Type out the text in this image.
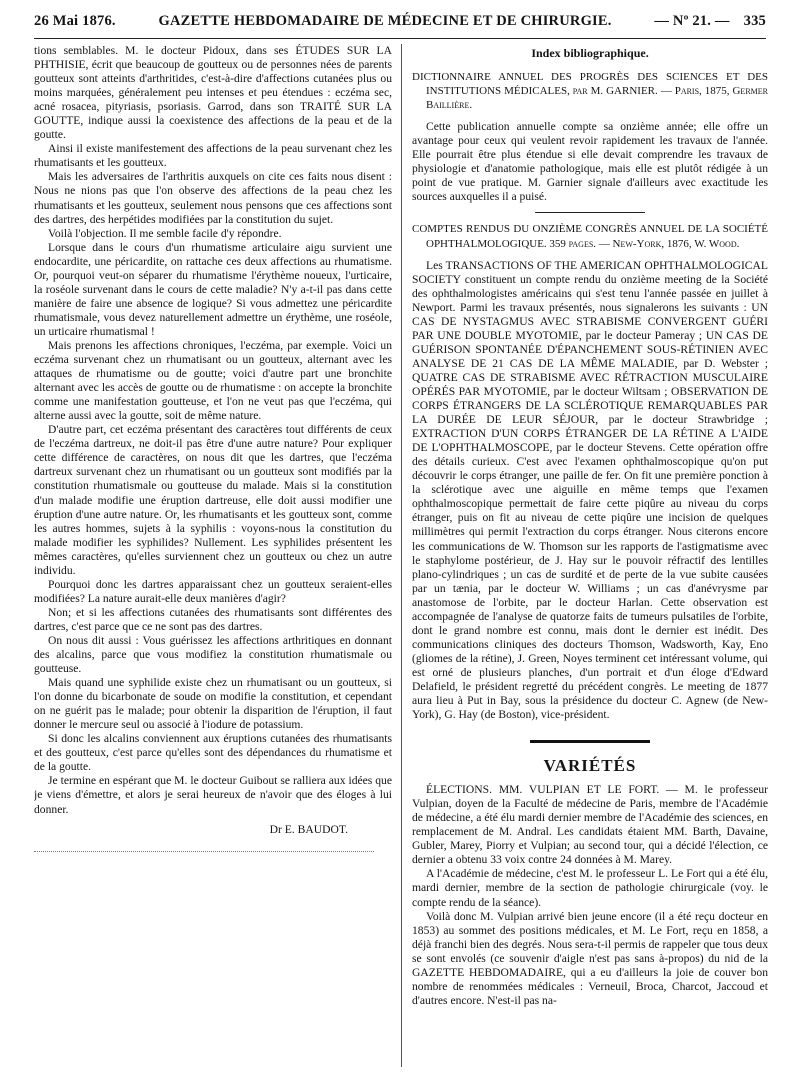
26 Mai 1876.	GAZETTE HEBDOMADAIRE DE MÉDECINE ET DE CHIRURGIE.	— Nº 21. — 335

tions semblables. M. le docteur Pidoux, dans ses ÉTUDES SUR LA PHTHISIE, écrit que beaucoup de goutteux ou de personnes nées de parents goutteux sont atteints d'arthritides, c'est-à-dire d'affections cutanées plus ou moins marquées, généralement peu intenses et peu étendues : eczéma sec, acné rosacea, pityriasis, psoriasis. Garrod, dans son TRAITÉ SUR LA GOUTTE, indique aussi la coexistence des affections de la peau et de la goutte.

Ainsi il existe manifestement des affections de la peau survenant chez les rhumatisants et les goutteux.

Mais les adversaires de l'arthritis auxquels on cite ces faits nous disent : Nous ne nions pas que l'on observe des affections de la peau chez les rhumatisants et les goutteux, seulement nous pensons que ces affections sont des dartres, des herpétides modifiées par la constitution du sujet.

Voilà l'objection. Il me semble facile d'y répondre.

Lorsque dans le cours d'un rhumatisme articulaire aigu survient une endocardite, une péricardite, on rattache ces deux affections au rhumatisme. Or, pourquoi veut-on séparer du rhumatisme l'érythème noueux, l'urticaire, la roséole survenant dans le cours de cette maladie? N'y a-t-il pas dans cette manière de faire une absence de logique? Si vous admettez une péricardite rhumatismale, vous devez naturellement admettre un érythème, une roséole, un urticaire rhumatismal !

Mais prenons les affections chroniques, l'eczéma, par exemple. Voici un eczéma survenant chez un rhumatisant ou un goutteux, alternant avec les attaques de rhumatisme ou de goutte; voici d'autre part une bronchite alternant avec les accès de goutte ou de rhumatisme : on accepte la bronchite comme une manifestation goutteuse, et l'on ne veut pas que l'eczéma, qui alterne aussi avec la goutte, soit de même nature.

D'autre part, cet eczéma présentant des caractères tout différents de ceux de l'eczéma dartreux, ne doit-il pas être d'une autre nature? Pour expliquer cette différence de caractères, on nous dit que les dartres, que l'eczéma dartreux survenant chez un rhumatisant ou un goutteux sont modifiés par la constitution rhumatismale ou goutteuse du malade. Mais si la constitution d'un malade modifie une éruption dartreuse, elle doit aussi modifier une éruption d'une autre nature. Or, les rhumatisants et les goutteux sont, comme les autres hommes, sujets à la syphilis : voyons-nous la constitution du malade modifier les syphilides? Nullement. Les syphilides présentent les mêmes caractères, qu'elles surviennent chez un goutteux ou chez un autre individu.

Pourquoi donc les dartres apparaissant chez un goutteux seraient-elles modifiées? La nature aurait-elle deux manières d'agir?

Non; et si les affections cutanées des rhumatisants sont différentes des dartres, c'est parce que ce ne sont pas des dartres.

On nous dit aussi : Vous guérissez les affections arthritiques en donnant des alcalins, parce que vous modifiez la constitution rhumatismale ou goutteuse.

Mais quand une syphilide existe chez un rhumatisant ou un goutteux, si l'on donne du bicarbonate de soude on modifie la constitution, et cependant on ne guérit pas le malade; pour obtenir la disparition de l'éruption, il faut donner le mercure seul ou associé à l'iodure de potassium.

Si donc les alcalins conviennent aux éruptions cutanées des rhumatisants et des goutteux, c'est parce qu'elles sont des dépendances du rhumatisme et de la goutte.

Je termine en espérant que M. le docteur Guibout se ralliera aux idées que je viens d'émettre, et alors je serai heureux de n'avoir que des éloges à lui donner.

Dr E. BAUDOT.
Index bibliographique.

DICTIONNAIRE ANNUEL DES PROGRÈS DES SCIENCES ET DES INSTITUTIONS MÉDICALES, par M. GARNIER. — Paris, 1875, Germer Baillière.

Cette publication annuelle compte sa onzième année; elle offre un avantage pour ceux qui veulent revoir rapidement les travaux de l'année. Elle pourrait être plus étendue si elle devait comprendre les travaux de physiologie et d'anatomie pathologique, mais elle est plutôt rédigée à un point de vue pratique. M. Garnier signale d'ailleurs avec exactitude les sources auxquelles il a puisé.

COMPTES RENDUS DU ONZIÈME CONGRÈS ANNUEL DE LA SOCIÉTÉ OPHTHALMOLOGIQUE. 359 pages. — New-York, 1876, W. Wood.

Les TRANSACTIONS OF THE AMERICAN OPHTHALMOLOGICAL SOCIETY constituent un compte rendu du onzième meeting de la Société des ophthalmologistes américains qui s'est tenu l'année passée en juillet à Newport. Parmi les travaux présentés, nous signalerons les suivants : UN CAS DE NYSTAGMUS AVEC STRABISME CONVERGENT GUÉRI PAR UNE DOUBLE MYOTOMIE, par le docteur Pameray ; UN CAS DE GUÉRISON SPONTANÉE D'ÉPANCHEMENT SOUS-RÉTINIEN AVEC ANALYSE DE 21 CAS DE LA MÊME MALADIE, par D. Webster ; QUATRE CAS DE STRABISME AVEC RÉTRACTION MUSCULAIRE OPÉRÉS PAR MYOTOMIE, par le docteur Wiltsam ; OBSERVATION DE CORPS ÉTRANGERS DE LA SCLÉROTIQUE REMARQUABLES PAR LA DURÉE DE LEUR SÉJOUR, par le docteur Strawbridge ; EXTRACTION D'UN CORPS ÉTRANGER DE LA RÉTINE A L'AIDE DE L'OPHTHALMOSCOPE, par le docteur Stevens. Cette opération offre des détails curieux. C'est avec l'examen ophthalmoscopique qu'on put découvrir le corps étranger, une paille de fer. On fit une première ponction à la sclérotique avec une aiguille en même temps que l'examen ophthalmoscopique permettait de faire cette piqûre au niveau du corps étranger, puis on fit au niveau de cette piqûre une incision de quelques millimètres qui permit l'extraction du corps étranger. Nous citerons encore les communications de W. Thomson sur les rapports de l'astigmatisme avec le staphylome postérieur, de J. Hay sur le pouvoir réfractif des lentilles plano-cylindriques ; un cas de surdité et de perte de la vue subite causées par un tænia, par le docteur W. Williams ; un cas d'anévrysme par anastomose de l'orbite, par le docteur Harlan. Cette observation est accompagnée de l'analyse de quatorze faits de tumeurs pulsatiles de l'orbite, dont le grand nombre est connu, mais dont le dernier est inédit. Des communications cliniques des docteurs Thomson, Wadsworth, Kay, Eno (gliomes de la rétine), J. Green, Noyes terminent cet intéressant volume, qui est orné de plusieurs planches, d'un portrait et d'un éloge d'Edward Delafield, le président regretté du précédent congrès. Le meeting de 1877 aura lieu à Put in Bay, sous la présidence du docteur C. Agnew (de New-York), G. Hay (de Boston), vice-président.

VARIÉTÉS

ÉLECTIONS. MM. VULPIAN ET LE FORT. — M. le professeur Vulpian, doyen de la Faculté de médecine de Paris, membre de l'Académie de médecine, a été élu mardi dernier membre de l'Académie des sciences, en remplacement de M. Andral. Les candidats étaient MM. Barth, Davaine, Gubler, Marey, Piorry et Vulpian; au second tour, qui a décidé l'élection, ce dernier a obtenu 33 voix contre 24 données à M. Marey.

A l'Académie de médecine, c'est M. le professeur L. Le Fort qui a été élu, mardi dernier, membre de la section de pathologie chirurgicale (voy. le compte rendu de la séance).

Voilà donc M. Vulpian arrivé bien jeune encore (il a été reçu docteur en 1853) au sommet des positions médicales, et M. Le Fort, reçu en 1858, a déjà franchi bien des degrés. Nous sera-t-il permis de rappeler que tous deux se sont envolés (ce souvenir d'aigle n'est pas sans à-propos) du nid de la GAZETTE HEBDOMADAIRE, qui a eu d'ailleurs la joie de couver bon nombre de renommées médicales : Verneuil, Broca, Charcot, Jaccoud et d'autres encore. N'est-il pas na-
